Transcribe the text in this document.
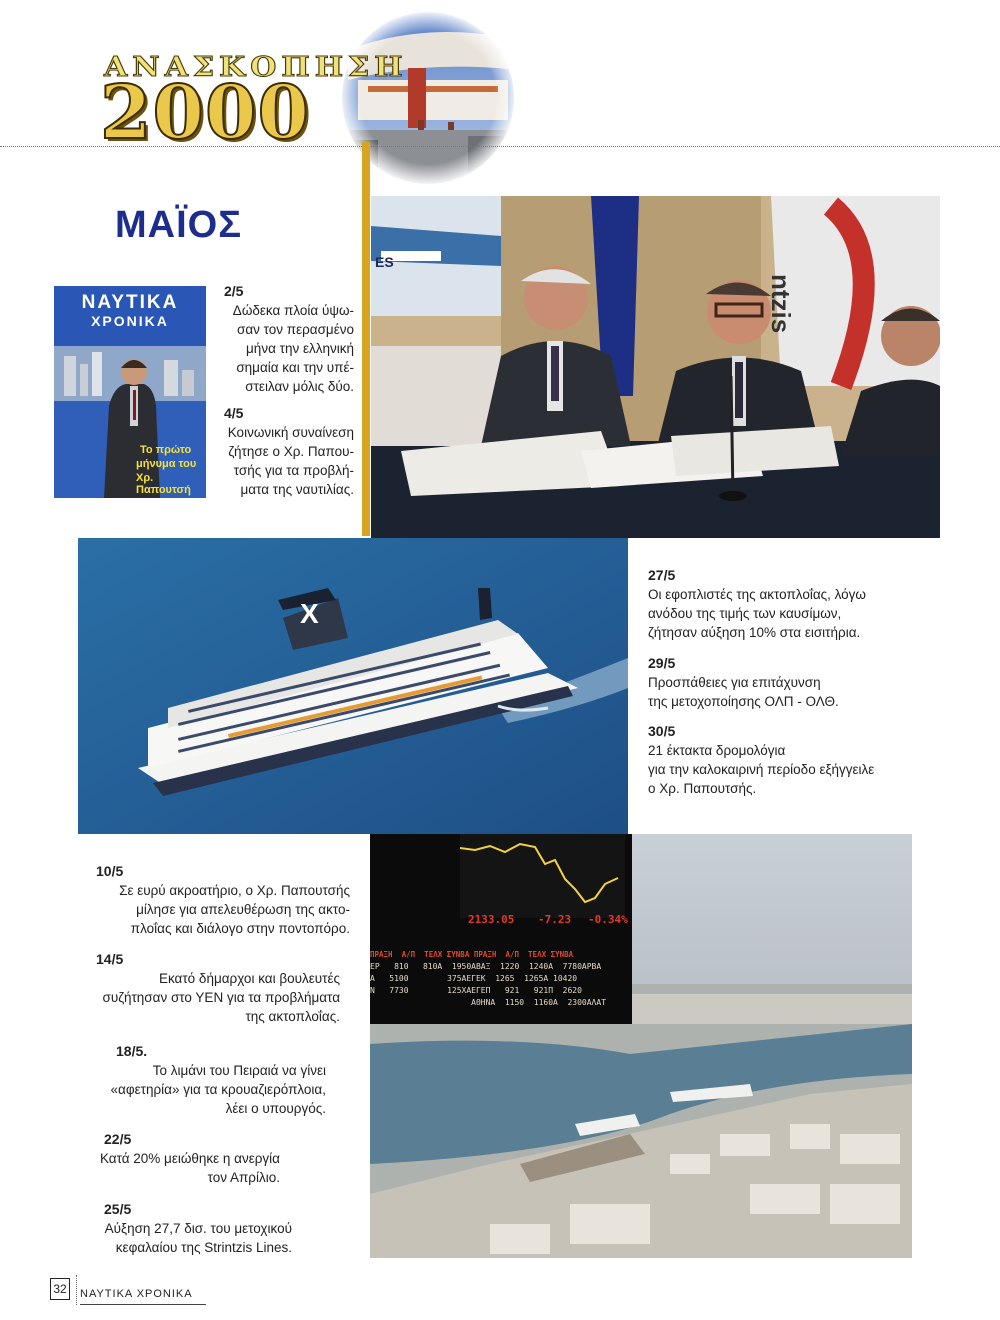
ΑΝΑΣΚΟΠΗΣΗ
2000
ΜΑΪΟΣ
ΝΑΥΤΙΚΑ
ΧΡΟΝΙΚΑ
Το πρώτο
μήνυμα του
Χρ. Παπουτσή
2/5
Δώδεκα πλοία ύψω-
σαν τον περασμένο
μήνα την ελληνική
σημαία και την υπέ-
στειλαν μόλις δύο.
4/5
Κοινωνική συναίνεση
ζήτησε ο Χρ. Παπου-
τσής για τα προβλή-
ματα της ναυτιλίας.
ntzis
ES
X
27/5
Οι εφοπλιστές της ακτοπλοΐας, λόγω
ανόδου της τιμής των καυσίμων,
ζήτησαν αύξηση 10% στα εισιτήρια.
29/5
Προσπάθειες για επιτάχυνση
της μετοχοποίησης ΟΛΠ - ΟΛΘ.
30/5
21 έκτακτα δρομολόγια
για την καλοκαιρινή περίοδο εξήγγειλε
ο Χρ. Παπουτσής.
2133.05 -7.23 -0.34%
ΠΡΑΞΗ  Α/Π  ΤΕΛΧ ΣΥΝΒΑ ΠΡΑΞΗ  Α/Π  ΤΕΛΧ ΣΥΝΒΑ
ΕΡ   810   810Α  1950ΑΒΑΞ  1220  1240Α  7780ΑΡΒΑ
Α   5100        375ΑΕΓΕΚ  1265  1265Α 10420
Ν   7730        125ΧΑΕΓΕΠ   921   921Π  2620
ΑΘΗΝΑ  1150  1160Α  2300ΑΛΑΤ
10/5
Σε ευρύ ακροατήριο, ο Χρ. Παπουτσής
μίλησε για απελευθέρωση της ακτο-
πλοΐας και διάλογο στην ποντοπόρο.
14/5
Εκατό δήμαρχοι και βουλευτές
συζήτησαν στο ΥΕΝ για τα προβλήματα
της ακτοπλοΐας.
18/5.
Το λιμάνι του Πειραιά να γίνει
«αφετηρία» για τα κρουαζιερόπλοια,
λέει ο υπουργός.
22/5
Κατά 20% μειώθηκε η ανεργία
τον Απρίλιο.
25/5
Αύξηση 27,7 δισ. του μετοχικού
κεφαλαίου της Strintzis Lines.
32	ΝΑΥΤΙΚΑ ΧΡΟΝΙΚΑ
